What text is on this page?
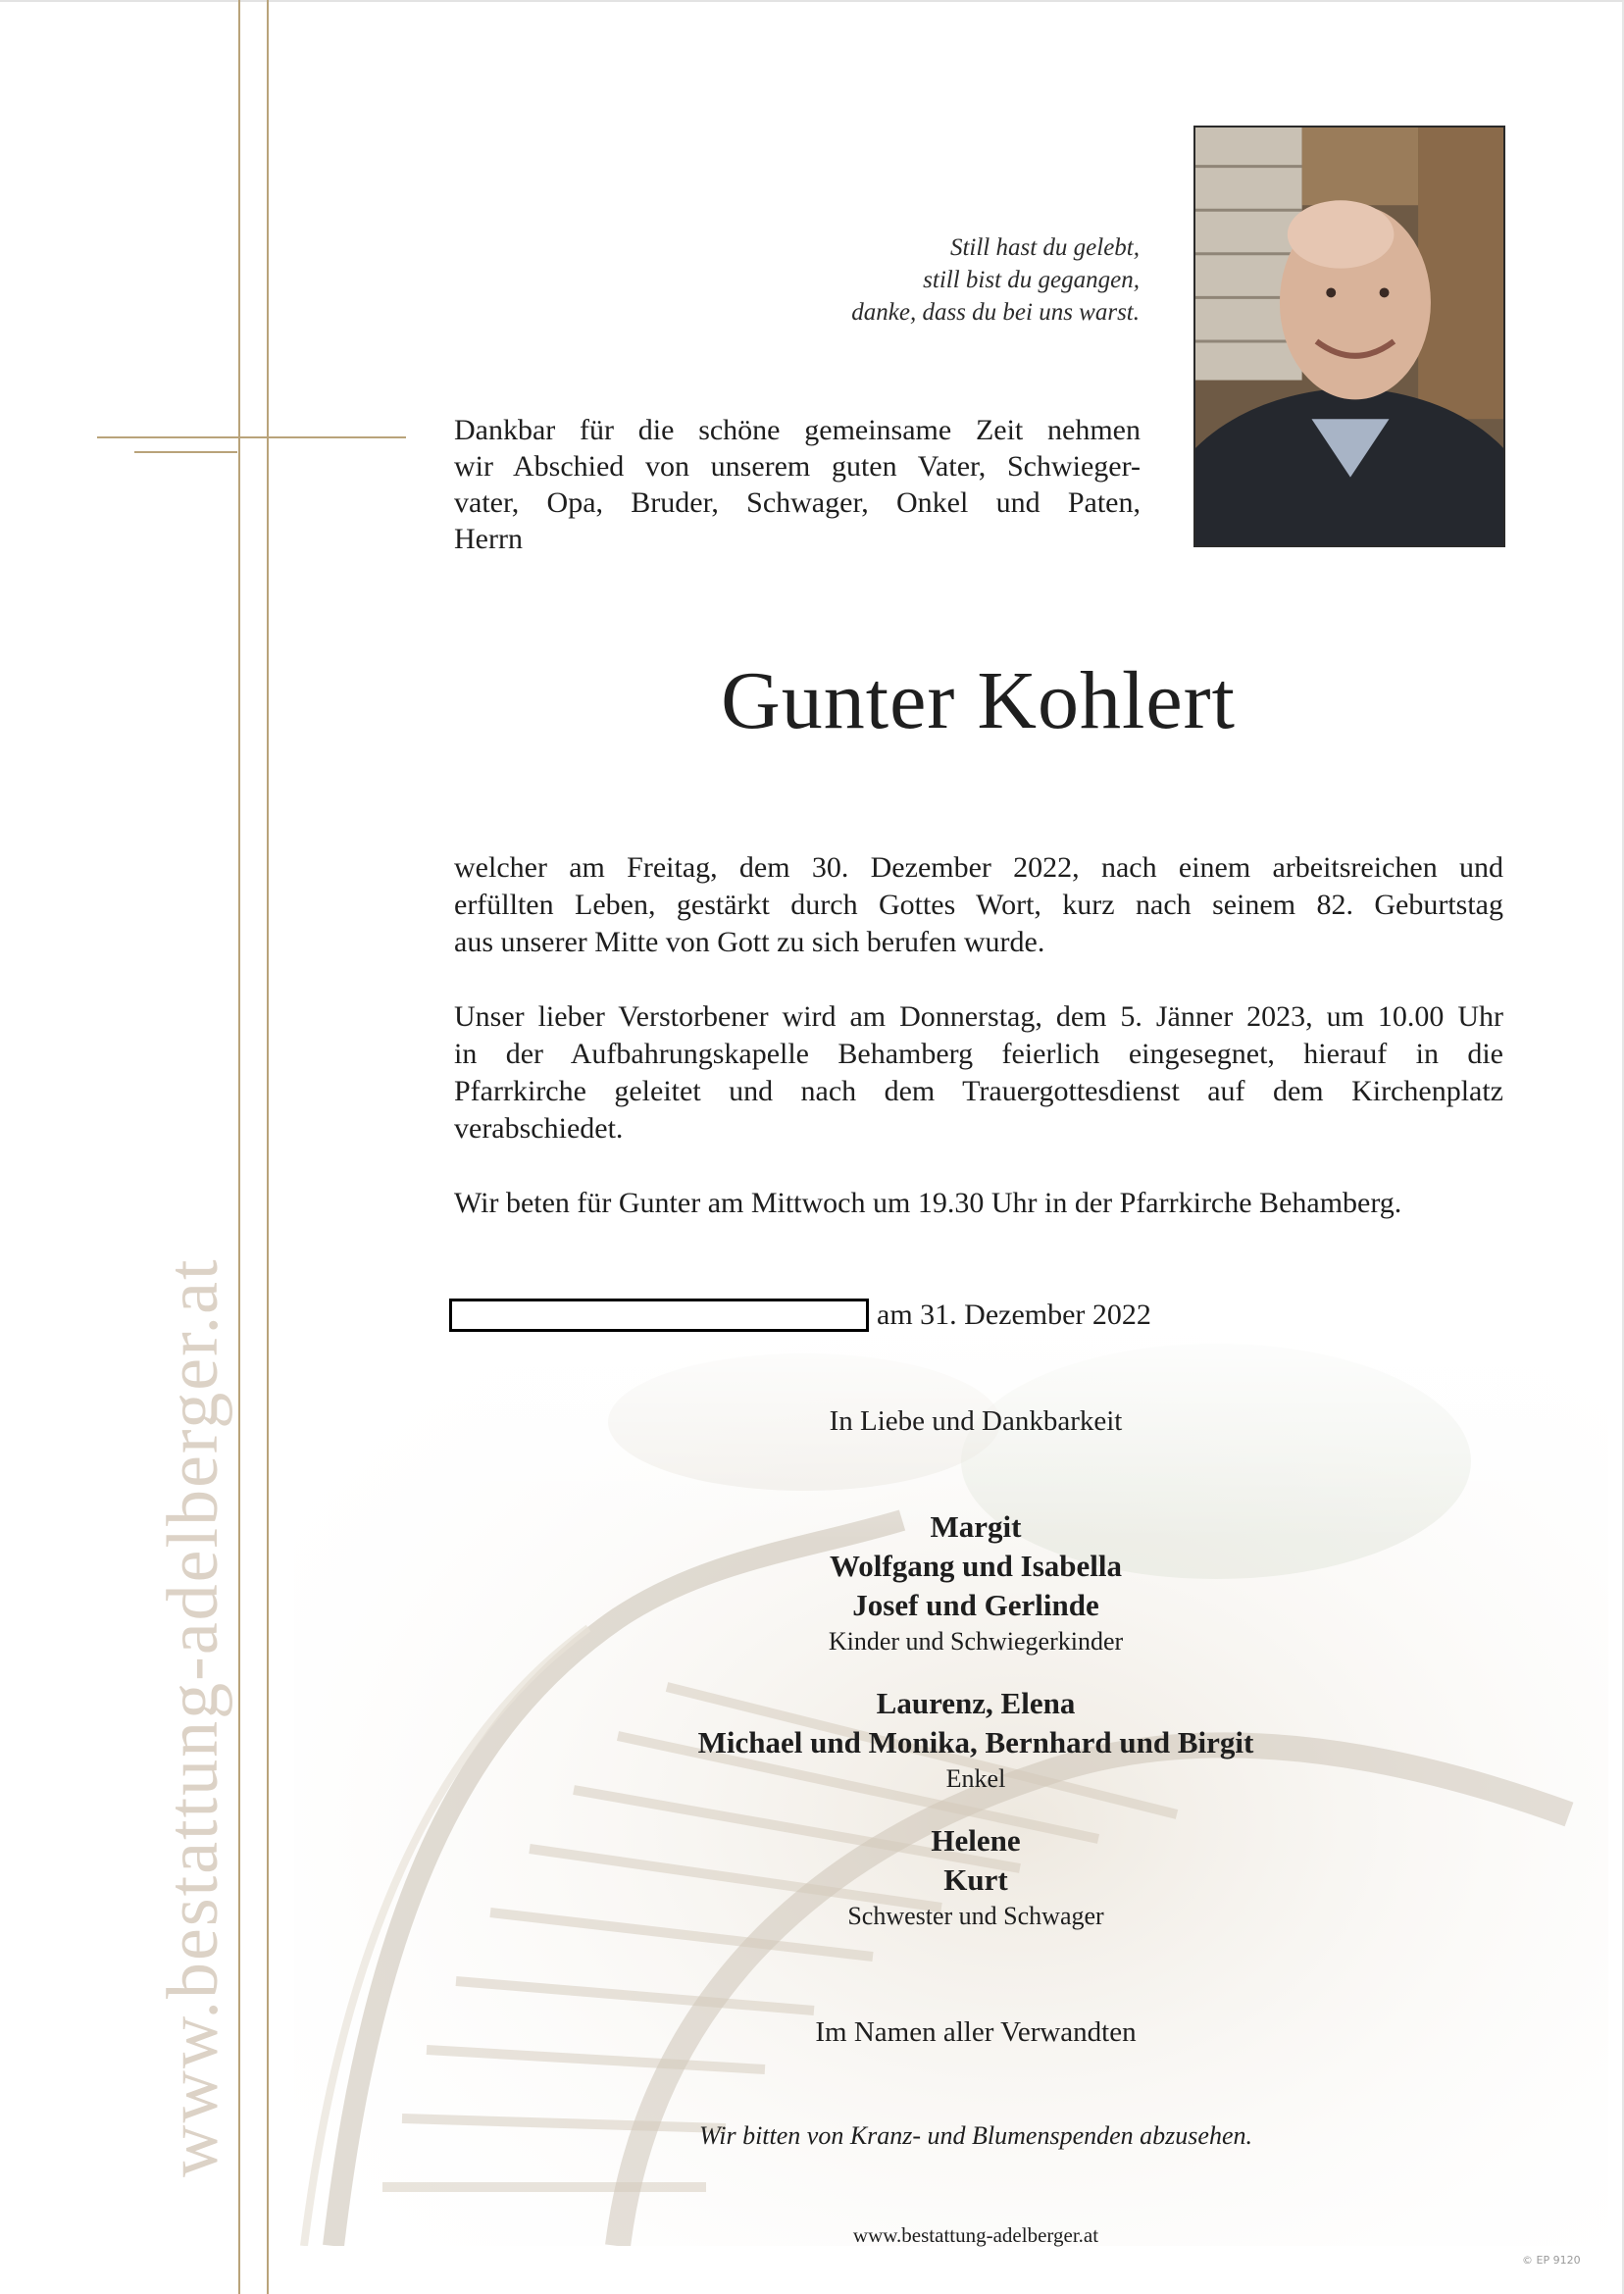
www.bestattung-adelberger.at
Still hast du gelebt,
still bist du gegangen,
danke, dass du bei uns warst.
Dankbar für die schöne gemeinsame Zeit nehmen
wir Abschied von unserem guten Vater, Schwieger-
vater, Opa, Bruder, Schwager, Onkel und Paten,
Herrn
Gunter Kohlert
welcher am Freitag, dem 30. Dezember 2022, nach einem arbeitsreichen und
erfüllten Leben, gestärkt durch Gottes Wort, kurz nach seinem 82. Geburtstag
aus unserer Mitte von Gott zu sich berufen wurde.
Unser lieber Verstorbener wird am Donnerstag, dem 5. Jänner 2023, um 10.00 Uhr
in der Aufbahrungskapelle Behamberg feierlich eingesegnet, hierauf in die
Pfarrkirche geleitet und nach dem Trauergottesdienst auf dem Kirchenplatz
verabschiedet.
Wir beten für Gunter am Mittwoch um 19.30 Uhr in der Pfarrkirche Behamberg.
am 31. Dezember 2022
In Liebe und Dankbarkeit
Margit
Wolfgang und Isabella
Josef und Gerlinde
Kinder und Schwiegerkinder
Laurenz, Elena
Michael und Monika, Bernhard und Birgit
Enkel
Helene
Kurt
Schwester und Schwager
Im Namen aller Verwandten
Wir bitten von Kranz- und Blumenspenden abzusehen.
www.bestattung-adelberger.at
© EP 9120
